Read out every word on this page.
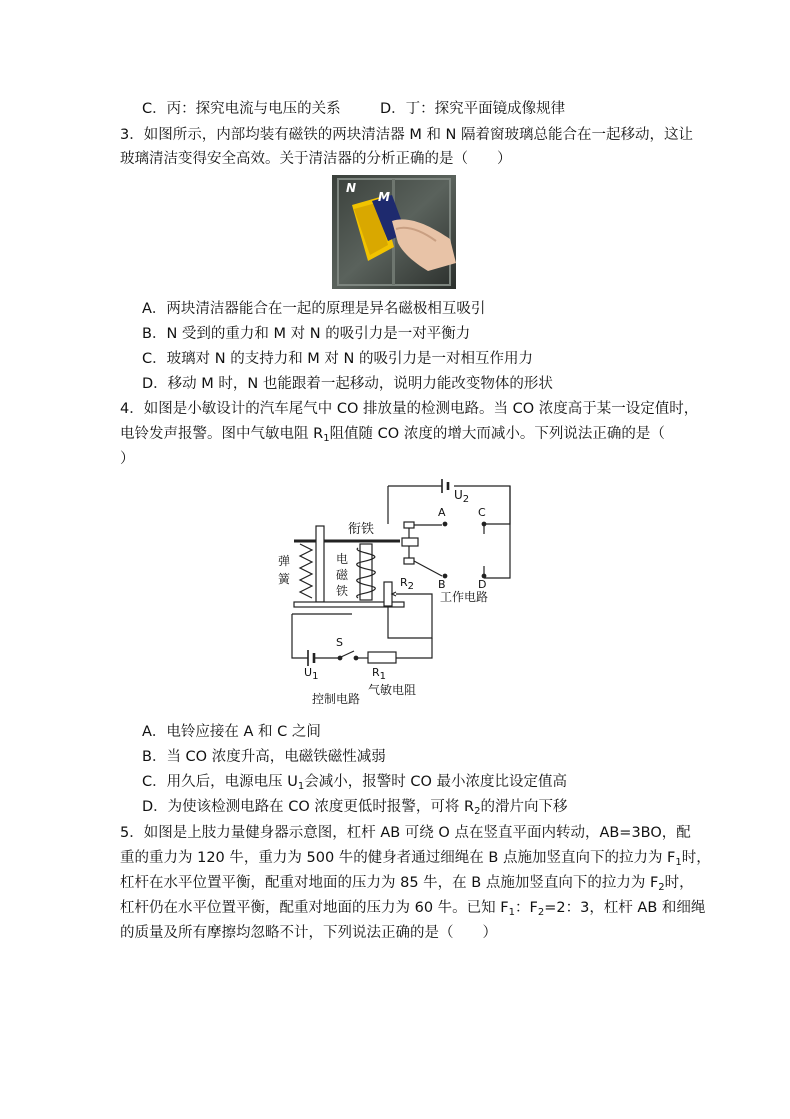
C．丙：探究电流与电压的关系	D．丁：探究平面镜成像规律
3．如图所示，内部均装有磁铁的两块清洁器 M 和 N 隔着窗玻璃总能合在一起移动，这让
玻璃清洁变得安全高效。关于清洁器的分析正确的是（　　）
N
M
A．两块清洁器能合在一起的原理是异名磁极相互吸引
B．N 受到的重力和 M 对 N 的吸引力是一对平衡力
C．玻璃对 N 的支持力和 M 对 N 的吸引力是一对相互作用力
D．移动 M 时，N 也能跟着一起移动，说明力能改变物体的形状
4．如图是小敏设计的汽车尾气中 CO 排放量的检测电路。当 CO 浓度高于某一设定值时，
电铃发声报警。图中气敏电阻 $R_1$阻值随 CO 浓度的增大而减小。下列说法正确的是（
）
衔铁
弹
簧
电
磁
铁
$U_2$
A	C
B	D
R2
工作电路
S
U1	R1
气敏电阻
控制电路
A．电铃应接在 A 和 C 之间
B．当 CO 浓度升高，电磁铁磁性减弱
C．用久后，电源电压 $U_1$会减小，报警时 CO 最小浓度比设定值高
D．为使该检测电路在 CO 浓度更低时报警，可将 $R_2$的滑片向下移
5．如图是上肢力量健身器示意图，杠杆 AB 可绕 O 点在竖直平面内转动，AB=3BO，配
重的重力为 120 牛，重力为 500 牛的健身者通过细绳在 B 点施加竖直向下的拉力为 $F_1$时，
杠杆在水平位置平衡，配重对地面的压力为 85 牛，在 B 点施加竖直向下的拉力为 $F_2$时，
杠杆仍在水平位置平衡，配重对地面的压力为 60 牛。已知 $F_1$：$F_2=2$：3，杠杆 AB 和细绳
的质量及所有摩擦均忽略不计，下列说法正确的是（　　）
